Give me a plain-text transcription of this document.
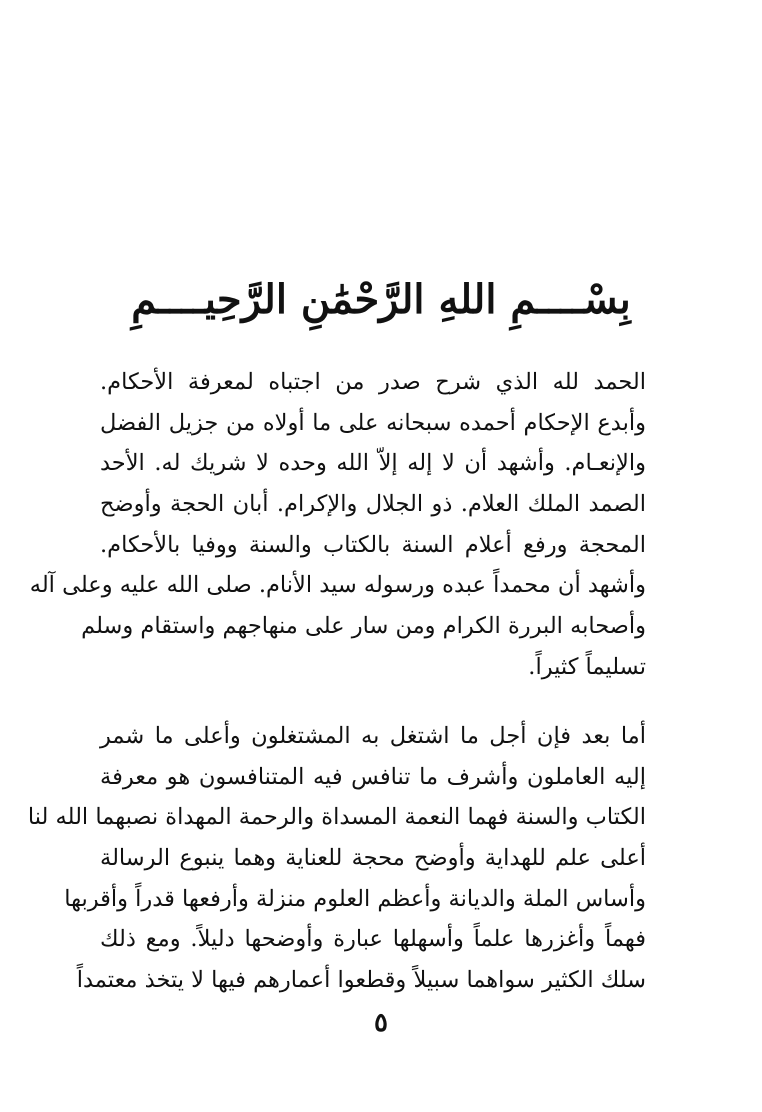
بِسْــــمِ اللهِ الرَّحْمَٰنِ الرَّحِيــــمِ
الحمد لله الذي شرح صدر من اجتباه لمعرفة الأحكام.
وأبدع الإحكام أحمده سبحانه على ما أولاه من جزيل الفضل
والإنعـام. وأشهد أن لا إله إلاّ الله وحده لا شريك له. الأحد
الصمد الملك العلام. ذو الجلال والإكرام. أبان الحجة وأوضح
المحجة ورفع أعلام السنة بالكتاب والسنة ووفيا بالأحكام.
وأشهد أن محمداً عبده ورسوله سيد الأنام. صلى الله عليه وعلى آله
وأصحابه البررة الكرام ومن سار على منهاجهم واستقام وسلم
تسليماً كثيراً.
أما بعد فإن أجل ما اشتغل به المشتغلون وأعلى ما شمر
إليه العاملون وأشرف ما تنافس فيه المتنافسون هو معرفة
الكتاب والسنة فهما النعمة المسداة والرحمة المهداة نصبهما الله لنا
أعلى علم للهداية وأوضح محجة للعناية وهما ينبوع الرسالة
وأساس الملة والديانة وأعظم العلوم منزلة وأرفعها قدراً وأقربها
فهماً وأغزرها علماً وأسهلها عبارة وأوضحها دليلاً. ومع ذلك
سلك الكثير سواهما سبيلاً وقطعوا أعمارهم فيها لا يتخذ معتمداً
٥
